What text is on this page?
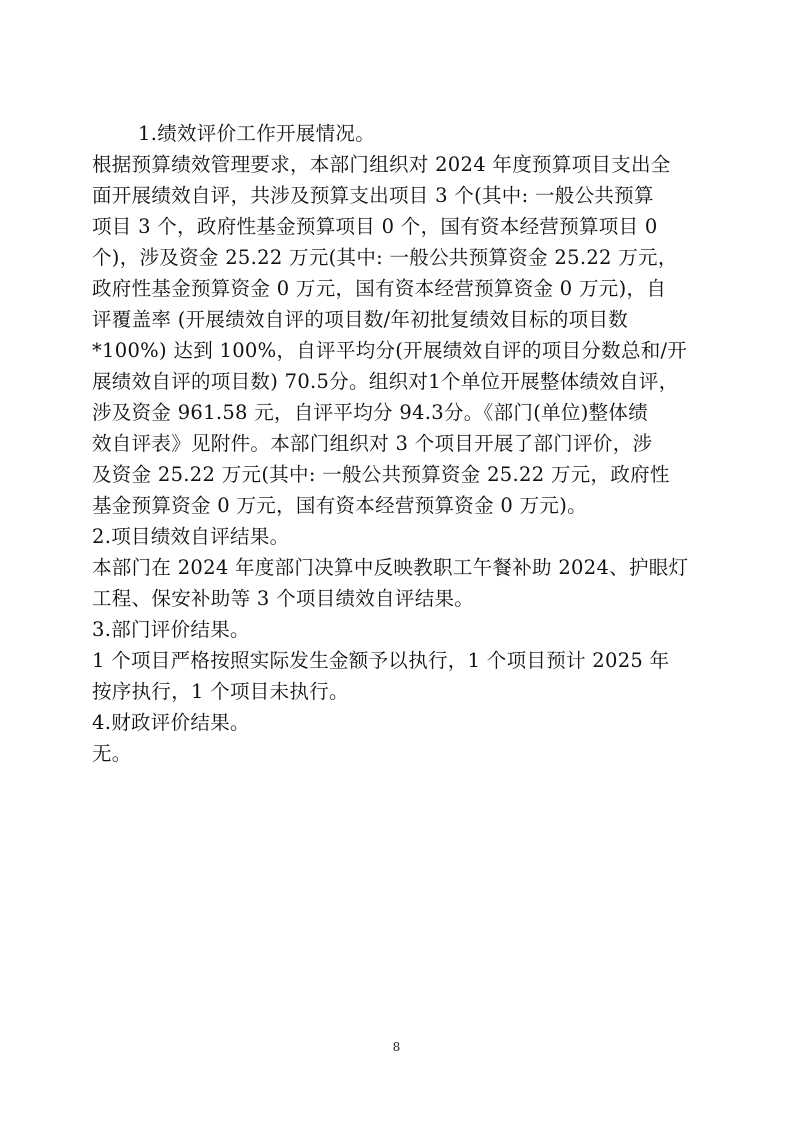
1.绩效评价工作开展情况。
根据预算绩效管理要求，本部门组织对 2024 年度预算项目支出全
面开展绩效自评，共涉及预算支出项目 3 个(其中: 一般公共预算
项目 3 个，政府性基金预算项目 0 个，国有资本经营预算项目 0
个)，涉及资金 25.22 万元(其中: 一般公共预算资金 25.22 万元，
政府性基金预算资金 0 万元，国有资本经营预算资金 0 万元)，自
评覆盖率 (开展绩效自评的项目数/年初批复绩效目标的项目数
*100%) 达到 100%，自评平均分(开展绩效自评的项目分数总和/开
展绩效自评的项目数) 70.5分。组织对1个单位开展整体绩效自评，
涉及资金 961.58 元，自评平均分 94.3分。《部门(单位)整体绩
效自评表》见附件。本部门组织对 3 个项目开展了部门评价，涉
及资金 25.22 万元(其中: 一般公共预算资金 25.22 万元，政府性
基金预算资金 0 万元，国有资本经营预算资金 0 万元)。
2.项目绩效自评结果。
本部门在 2024 年度部门决算中反映教职工午餐补助 2024、护眼灯
工程、保安补助等 3 个项目绩效自评结果。
3.部门评价结果。
1 个项目严格按照实际发生金额予以执行，1 个项目预计 2025 年
按序执行，1 个项目未执行。
4.财政评价结果。
无。
8
